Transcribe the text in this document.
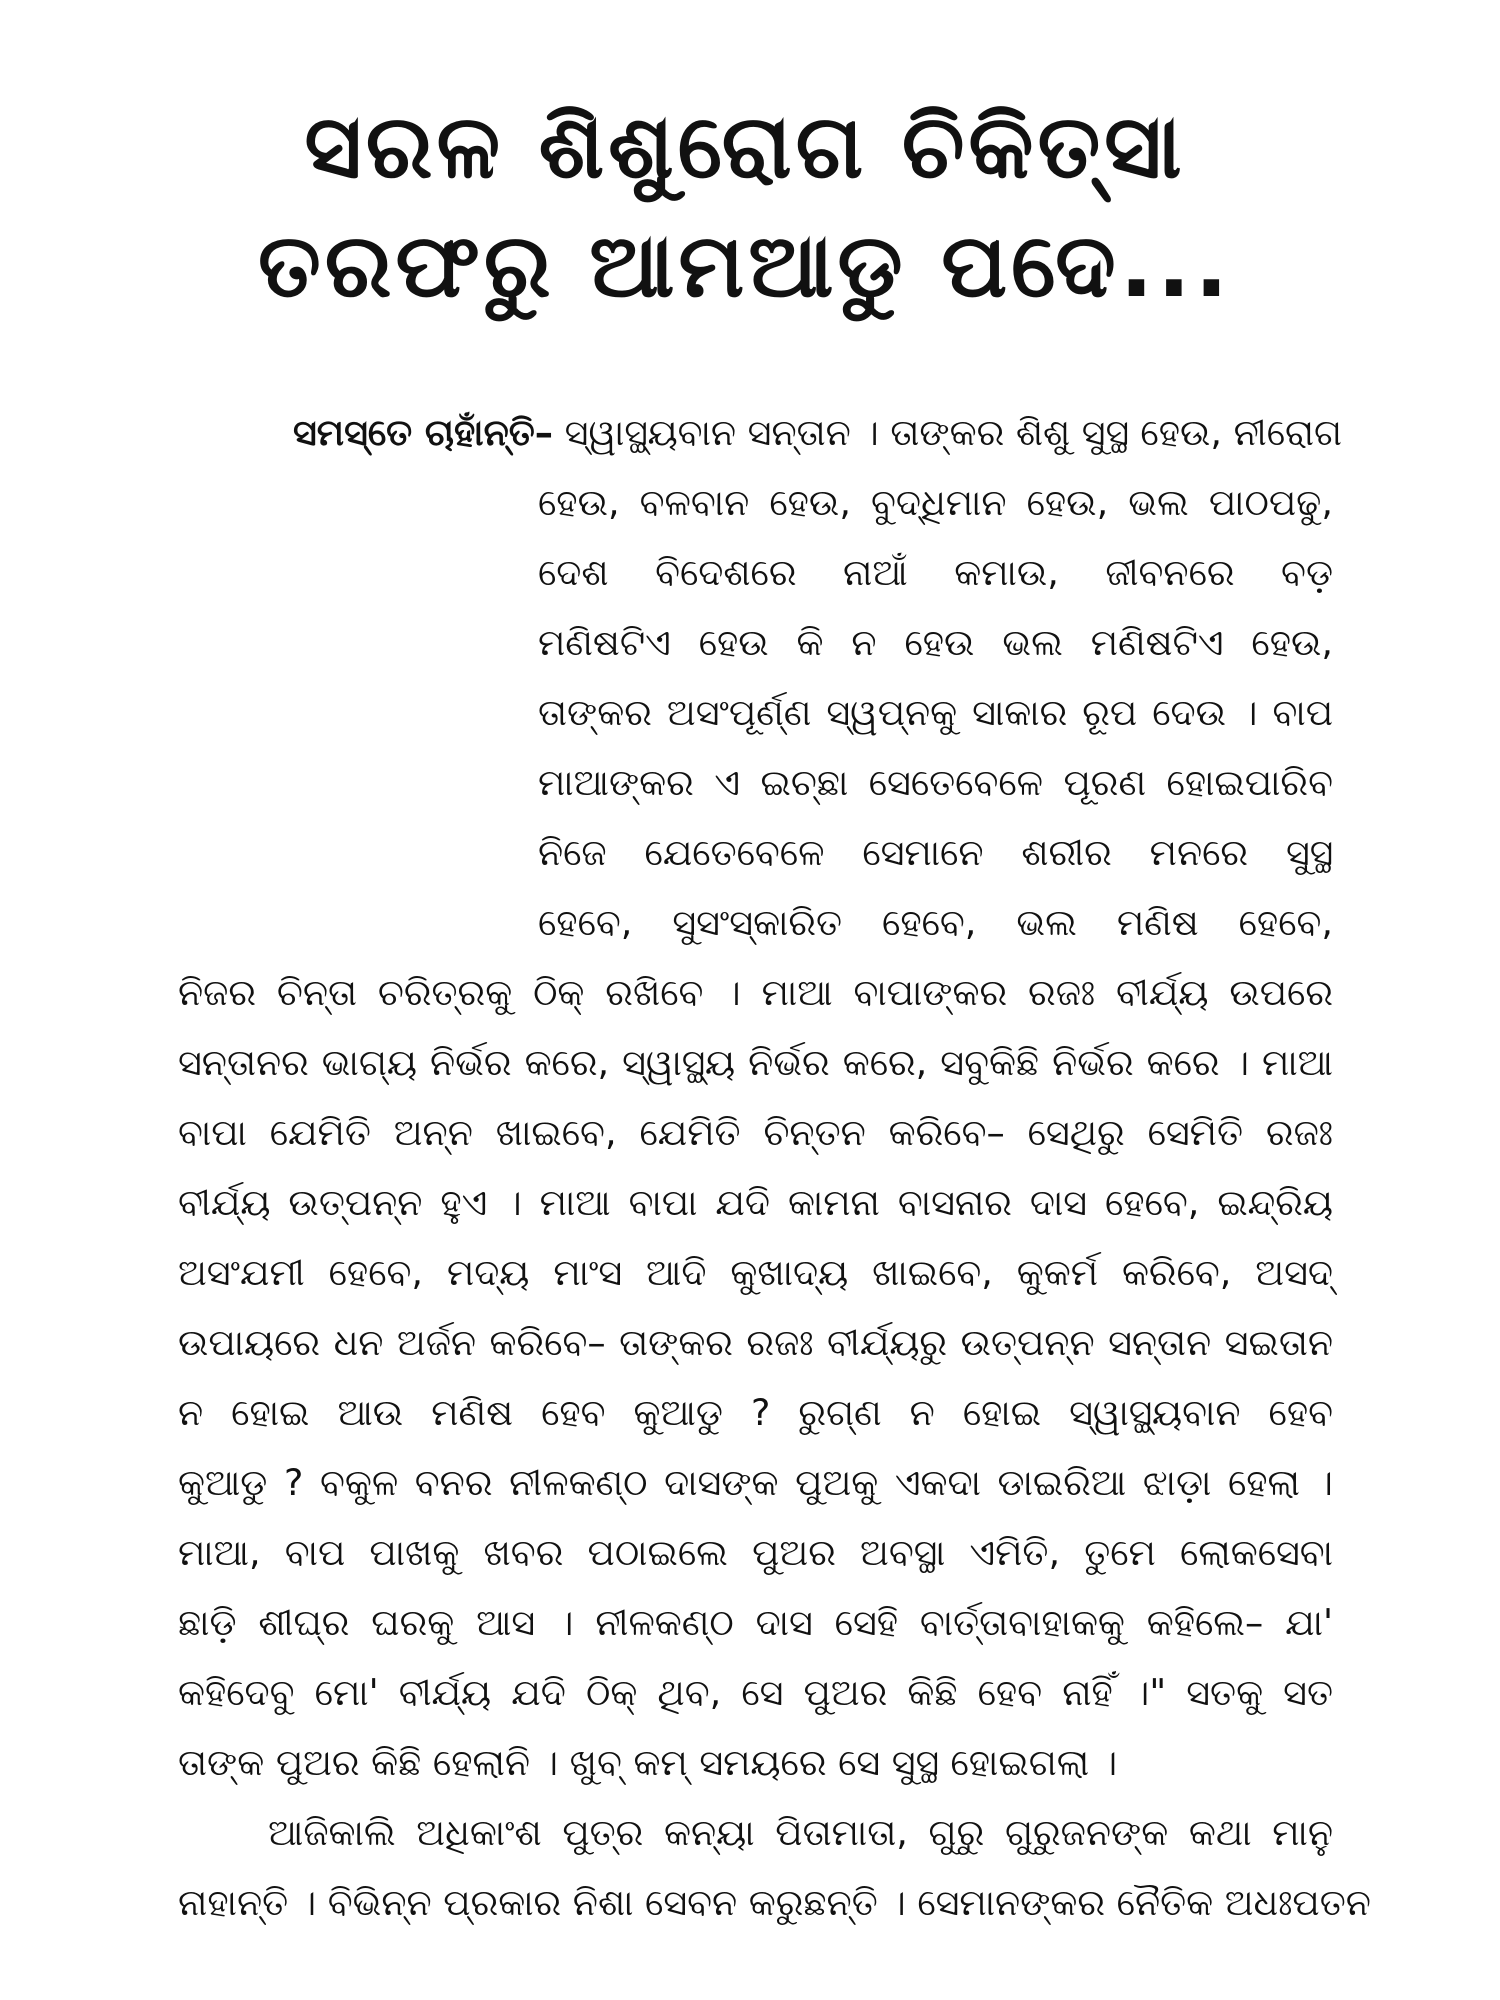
ସରଳ ଶିଶୁରୋଗ ଚିକିତ୍ସା
ତରଫରୁ ଆମଆଡୁ ପଦେ...
ସମସ୍ତେ ଚାହାଁନ୍ତି– ସ୍ୱାସ୍ଥ୍ୟବାନ ସନ୍ତାନ । ତାଙ୍କର ଶିଶୁ ସୁସ୍ଥ ହେଉ, ନୀରୋଗ
ହେଉ, ବଳବାନ ହେଉ, ବୁଦ୍ଧିମାନ ହେଉ, ଭଲ ପାଠପଢୁ,
ଦେଶ ବିଦେଶରେ ନାଆଁ କମାଉ, ଜୀବନରେ ବଡ଼
ମଣିଷଟିଏ ହେଉ କି ନ ହେଉ ଭଲ ମଣିଷଟିଏ ହେଉ,
ତାଙ୍କର ଅସଂପୂର୍ଣ୍ଣ ସ୍ୱପ୍ନକୁ ସାକାର ରୂପ ଦେଉ । ବାପ
ମାଆଙ୍କର ଏ ଇଚ୍ଛା ସେତେବେଳେ ପୂରଣ ହୋଇପାରିବ
ନିଜେ ଯେତେବେଳେ ସେମାନେ ଶରୀର ମନରେ ସୁସ୍ଥ
ହେବେ, ସୁସଂସ୍କାରିତ ହେବେ, ଭଲ ମଣିଷ ହେବେ,
ନିଜର ଚିନ୍ତା ଚରିତ୍ରକୁ ଠିକ୍ ରଖିବେ । ମାଆ ବାପାଙ୍କର ରଜଃ ବୀର୍ଯ୍ୟ ଉପରେ
ସନ୍ତାନର ଭାଗ୍ୟ ନିର୍ଭର କରେ, ସ୍ୱାସ୍ଥ୍ୟ ନିର୍ଭର କରେ, ସବୁକିଛି ନିର୍ଭର କରେ । ମାଆ
ବାପା ଯେମିତି ଅନ୍ନ ଖାଇବେ, ଯେମିତି ଚିନ୍ତନ କରିବେ– ସେଥିରୁ ସେମିତି ରଜଃ
ବୀର୍ଯ୍ୟ ଉତ୍ପନ୍ନ ହୁଏ । ମାଆ ବାପା ଯଦି କାମନା ବାସନାର ଦାସ ହେବେ, ଇନ୍ଦ୍ରିୟ
ଅସଂଯମୀ ହେବେ, ମଦ୍ୟ ମାଂସ ଆଦି କୁଖାଦ୍ୟ ଖାଇବେ, କୁକର୍ମ କରିବେ, ଅସଦ୍
ଉପାୟରେ ଧନ ଅର୍ଜନ କରିବେ– ତାଙ୍କର ରଜଃ ବୀର୍ଯ୍ୟରୁ ଉତ୍ପନ୍ନ ସନ୍ତାନ ସଇତାନ
ନ ହୋଇ ଆଉ ମଣିଷ ହେବ କୁଆଡୁ ? ରୁଗ୍ଣ ନ ହୋଇ ସ୍ୱାସ୍ଥ୍ୟବାନ ହେବ
କୁଆଡୁ ? ବକୁଳ ବନର ନୀଳକଣ୍ଠ ଦାସଙ୍କ ପୁଅକୁ ଏକଦା ଡାଇରିଆ ଝାଡ଼ା ହେଲା ।
ମାଆ, ବାପ ପାଖକୁ ଖବର ପଠାଇଲେ ପୁଅର ଅବସ୍ଥା ଏମିତି, ତୁମେ ଲୋକସେବା
ଛାଡ଼ି ଶୀଘ୍ର ଘରକୁ ଆସ । ନୀଳକଣ୍ଠ ଦାସ ସେହି ବାର୍ତ୍ତାବାହାକକୁ କହିଲେ– ଯା'
କହିଦେବୁ ମୋ' ବୀର୍ଯ୍ୟ ଯଦି ଠିକ୍ ଥିବ, ସେ ପୁଅର କିଛି ହେବ ନାହିଁ ।" ସତକୁ ସତ
ତାଙ୍କ ପୁଅର କିଛି ହେଲାନି । ଖୁବ୍ କମ୍ ସମୟରେ ସେ ସୁସ୍ଥ ହୋଇଗଲା ।
ଆଜିକାଲି ଅଧିକାଂଶ ପୁତ୍ର କନ୍ୟା ପିତାମାତା, ଗୁରୁ ଗୁରୁଜନଙ୍କ କଥା ମାନୁ
ନାହାନ୍ତି । ବିଭିନ୍ନ ପ୍ରକାର ନିଶା ସେବନ କରୁଛନ୍ତି । ସେମାନଙ୍କର ନୈତିକ ଅଧଃପତନ
